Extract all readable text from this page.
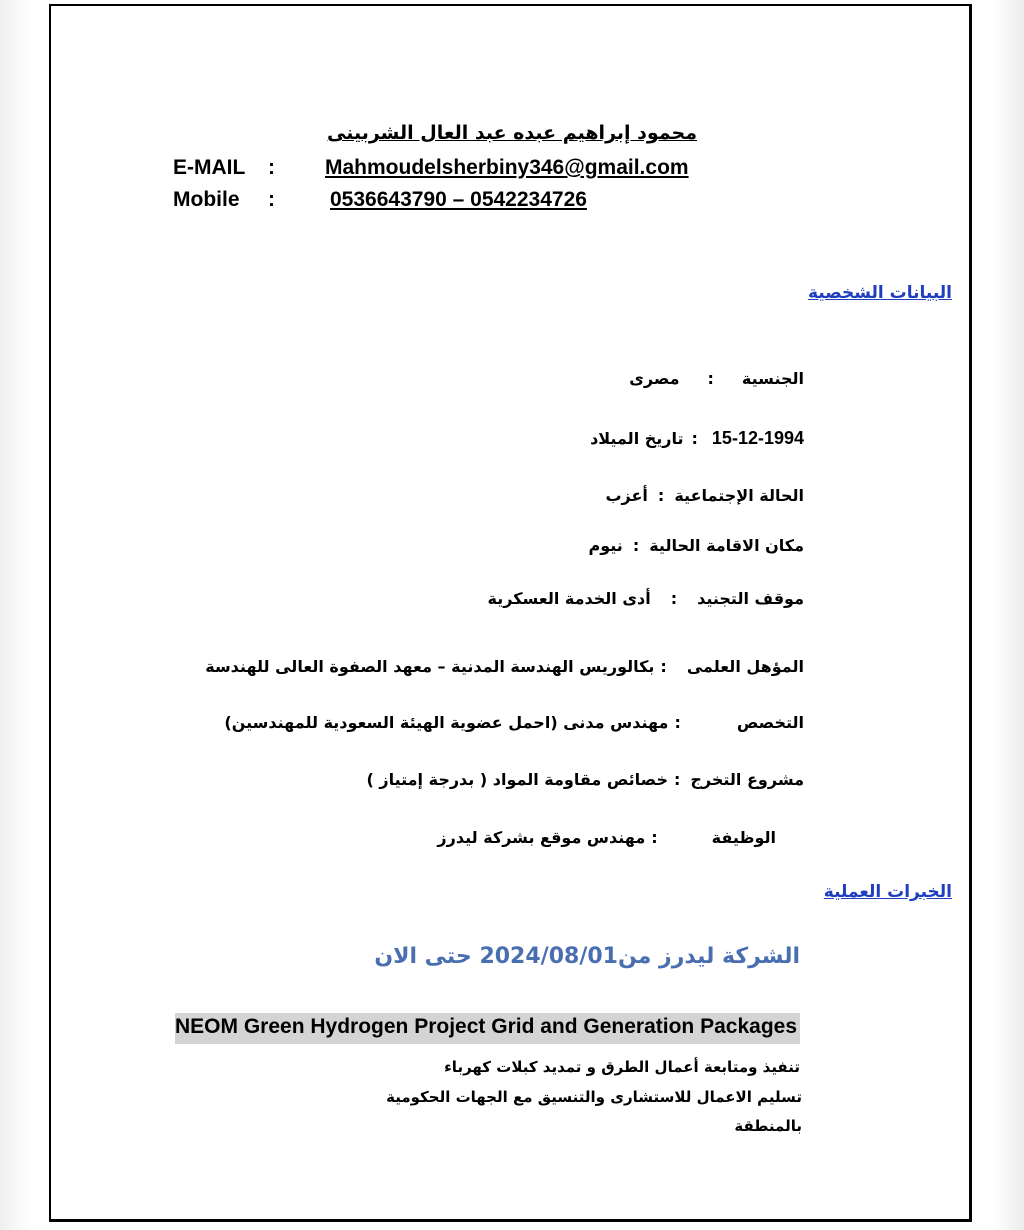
محمود إبراهيم عبده عبد العال الشربينى
E-MAIL : Mahmoudelsherbiny346@gmail.com
Mobile :	0536643790 – 0542234726
البيانات الشخصية
الجنسية:مصرى
تاريخ الميلاد : 15-12-1994
الحالة الإجتماعية:أعزب
مكان الاقامة الحالية:نيوم
موقف التجنيد:أدى الخدمة العسكرية
المؤهل العلمى:بكالوريس الهندسة المدنية – معهد الصفوة العالى للهندسة
التخصص:مهندس مدنى (احمل عضوية الهيئة السعودية للمهندسين)
مشروع التخرج:خصائص مقاومة المواد ( بدرجة إمتياز )
الوظيفة:مهندس موقع بشركة ليدرز
الخبرات العملية
الشركة ليدرز من2024/08/01 حتى الان
NEOM Green Hydrogen Project Grid and Generation Packages
تنفيذ ومتابعة أعمال الطرق و تمديد كبلات كهرباء
تسليم الاعمال للاستشارى والتنسيق مع الجهات الحكومية
بالمنطقة
